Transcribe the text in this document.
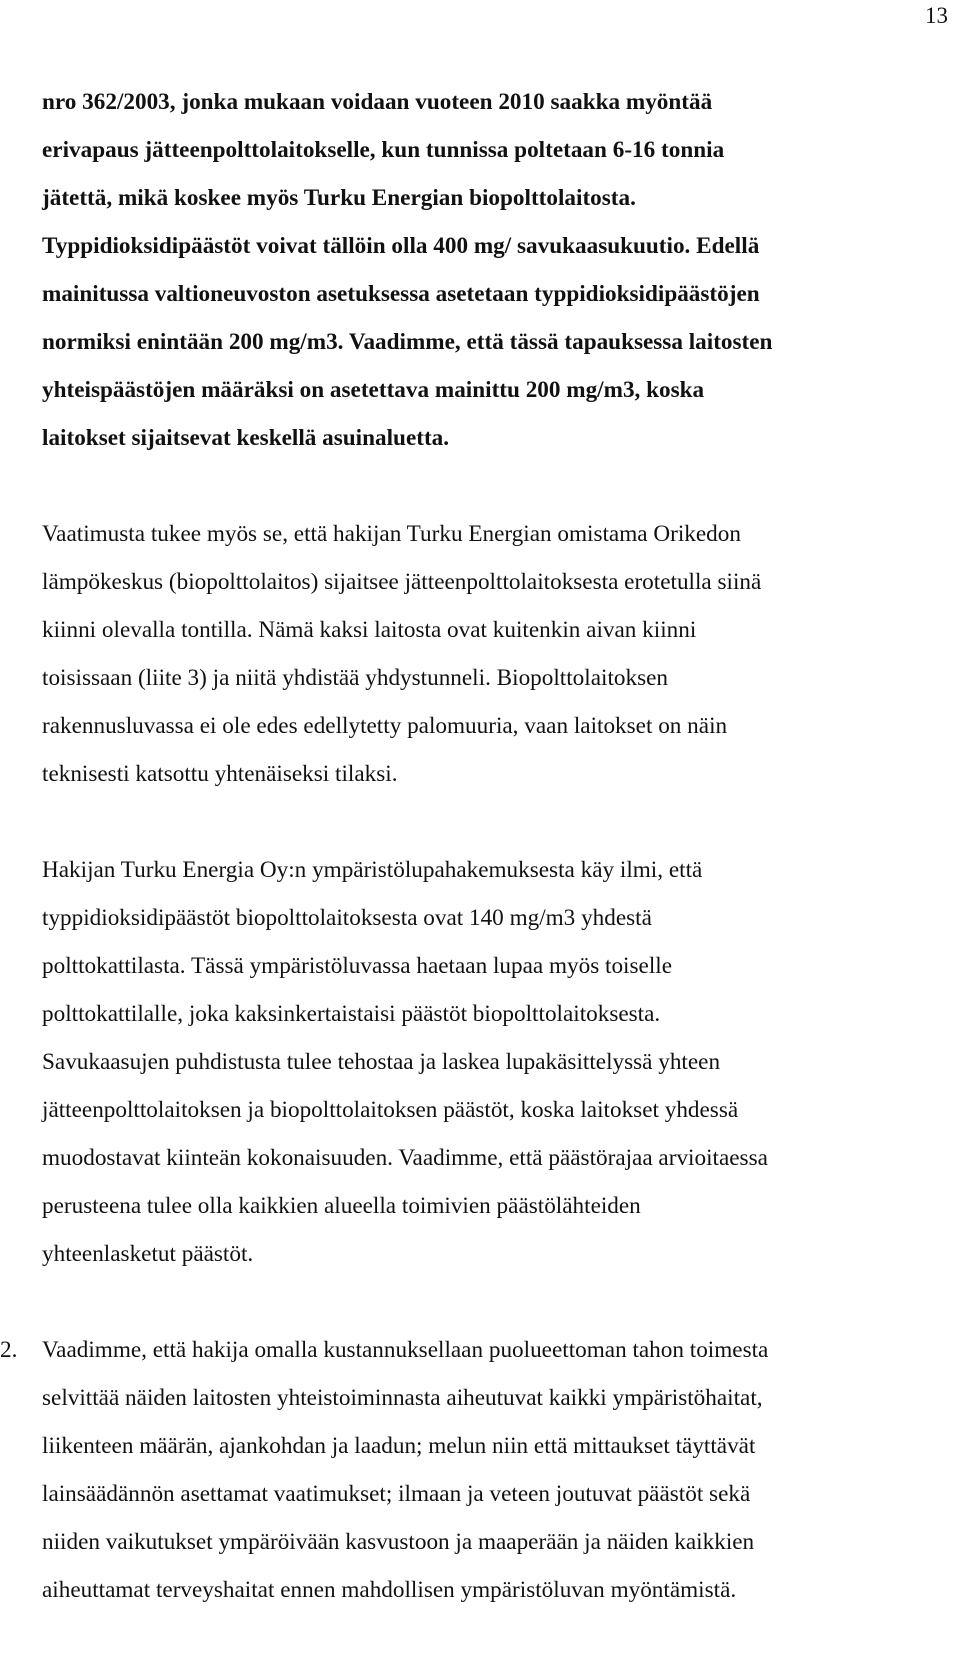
13

nro 362/2003, jonka mukaan voidaan vuoteen 2010 saakka myöntää
erivapaus jätteenpolttolaitokselle, kun tunnissa poltetaan 6-16 tonnia
jätettä, mikä koskee myös Turku Energian biopolttolaitosta.
Typpidioksidipäästöt voivat tällöin olla 400 mg/ savukaasukuutio. Edellä
mainitussa valtioneuvoston asetuksessa asetetaan typpidioksidipäästöjen
normiksi enintään 200 mg/m3. Vaadimme, että tässä tapauksessa laitosten
yhteispäästöjen määräksi on asetettava mainittu 200 mg/m3, koska
laitokset sijaitsevat keskellä asuinaluetta.

Vaatimusta tukee myös se, että hakijan Turku Energian omistama Orikedon
lämpökeskus (biopolttolaitos) sijaitsee jätteenpolttolaitoksesta erotetulla siinä
kiinni olevalla tontilla. Nämä kaksi laitosta ovat kuitenkin aivan kiinni
toisissaan (liite 3) ja niitä yhdistää yhdystunneli. Biopolttolaitoksen
rakennusluvassa ei ole edes edellytetty palomuuria, vaan laitokset on näin
teknisesti katsottu yhtenäiseksi tilaksi.

Hakijan Turku Energia Oy:n ympäristölupahakemuksesta käy ilmi, että
typpidioksidipäästöt biopolttolaitoksesta ovat 140 mg/m3 yhdestä
polttokattilasta. Tässä ympäristöluvassa haetaan lupaa myös toiselle
polttokattilalle, joka kaksinkertaistaisi päästöt biopolttolaitoksesta.
Savukaasujen puhdistusta tulee tehostaa ja laskea lupakäsittelyssä yhteen
jätteenpolttolaitoksen ja biopolttolaitoksen päästöt, koska laitokset yhdessä
muodostavat kiinteän kokonaisuuden. Vaadimme, että päästörajaa arvioitaessa
perusteena tulee olla kaikkien alueella toimivien päästölähteiden
yhteenlasketut päästöt.

2. Vaadimme, että hakija omalla kustannuksellaan puolueettoman tahon toimesta
selvittää näiden laitosten yhteistoiminnasta aiheutuvat kaikki ympäristöhaitat,
liikenteen määrän, ajankohdan ja laadun; melun niin että mittaukset täyttävät
lainsäädännön asettamat vaatimukset; ilmaan ja veteen joutuvat päästöt sekä
niiden vaikutukset ympäröivään kasvustoon ja maaperään ja näiden kaikkien
aiheuttamat terveyshaitat ennen mahdollisen ympäristöluvan myöntämistä.
